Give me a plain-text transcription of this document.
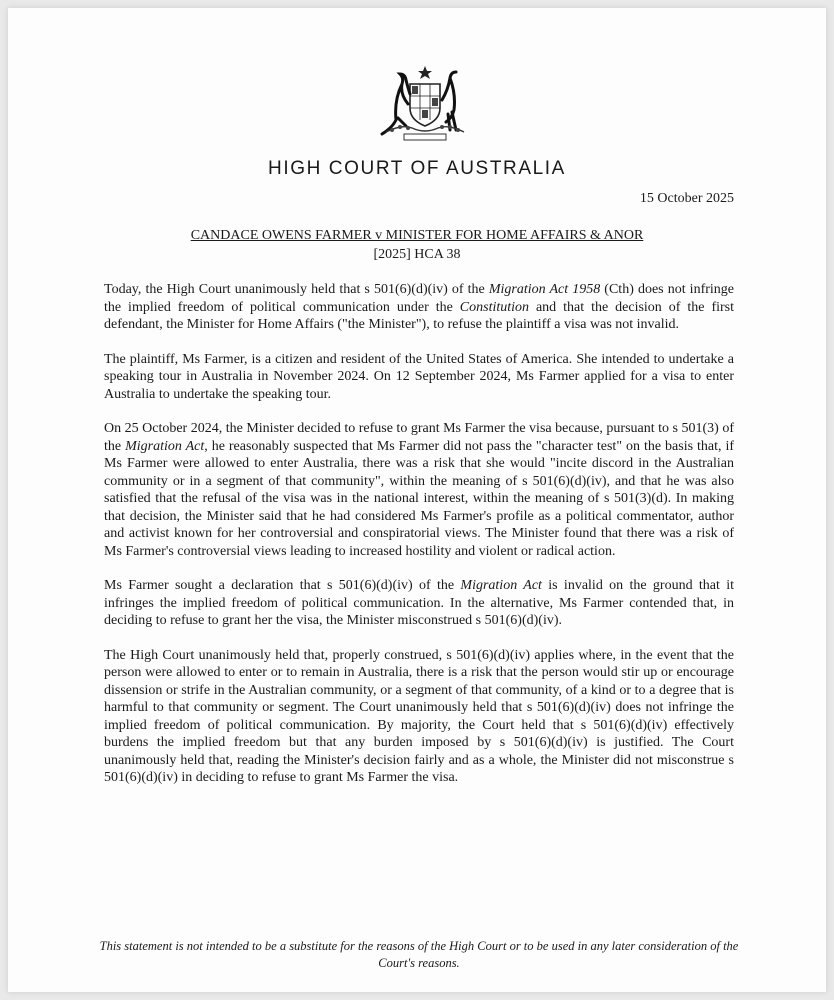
HIGH COURT OF AUSTRALIA
15 October 2025
CANDACE OWENS FARMER v MINISTER FOR HOME AFFAIRS & ANOR
[2025] HCA 38

Today, the High Court unanimously held that s 501(6)(d)(iv) of the Migration Act 1958 (Cth) does not infringe the implied freedom of political communication under the Constitution and that the decision of the first defendant, the Minister for Home Affairs ("the Minister"), to refuse the plaintiff a visa was not invalid.

The plaintiff, Ms Farmer, is a citizen and resident of the United States of America. She intended to undertake a speaking tour in Australia in November 2024. On 12 September 2024, Ms Farmer applied for a visa to enter Australia to undertake the speaking tour.

On 25 October 2024, the Minister decided to refuse to grant Ms Farmer the visa because, pursuant to s 501(3) of the Migration Act, he reasonably suspected that Ms Farmer did not pass the "character test" on the basis that, if Ms Farmer were allowed to enter Australia, there was a risk that she would "incite discord in the Australian community or in a segment of that community", within the meaning of s 501(6)(d)(iv), and that he was also satisfied that the refusal of the visa was in the national interest, within the meaning of s 501(3)(d). In making that decision, the Minister said that he had considered Ms Farmer's profile as a political commentator, author and activist known for her controversial and conspiratorial views. The Minister found that there was a risk of Ms Farmer's controversial views leading to increased hostility and violent or radical action.

Ms Farmer sought a declaration that s 501(6)(d)(iv) of the Migration Act is invalid on the ground that it infringes the implied freedom of political communication. In the alternative, Ms Farmer contended that, in deciding to refuse to grant her the visa, the Minister misconstrued s 501(6)(d)(iv).

The High Court unanimously held that, properly construed, s 501(6)(d)(iv) applies where, in the event that the person were allowed to enter or to remain in Australia, there is a risk that the person would stir up or encourage dissension or strife in the Australian community, or a segment of that community, of a kind or to a degree that is harmful to that community or segment. The Court unanimously held that s 501(6)(d)(iv) does not infringe the implied freedom of political communication. By majority, the Court held that s 501(6)(d)(iv) effectively burdens the implied freedom but that any burden imposed by s 501(6)(d)(iv) is justified. The Court unanimously held that, reading the Minister's decision fairly and as a whole, the Minister did not misconstrue s 501(6)(d)(iv) in deciding to refuse to grant Ms Farmer the visa.

This statement is not intended to be a substitute for the reasons of the High Court or to be used in any later consideration of the Court's reasons.
